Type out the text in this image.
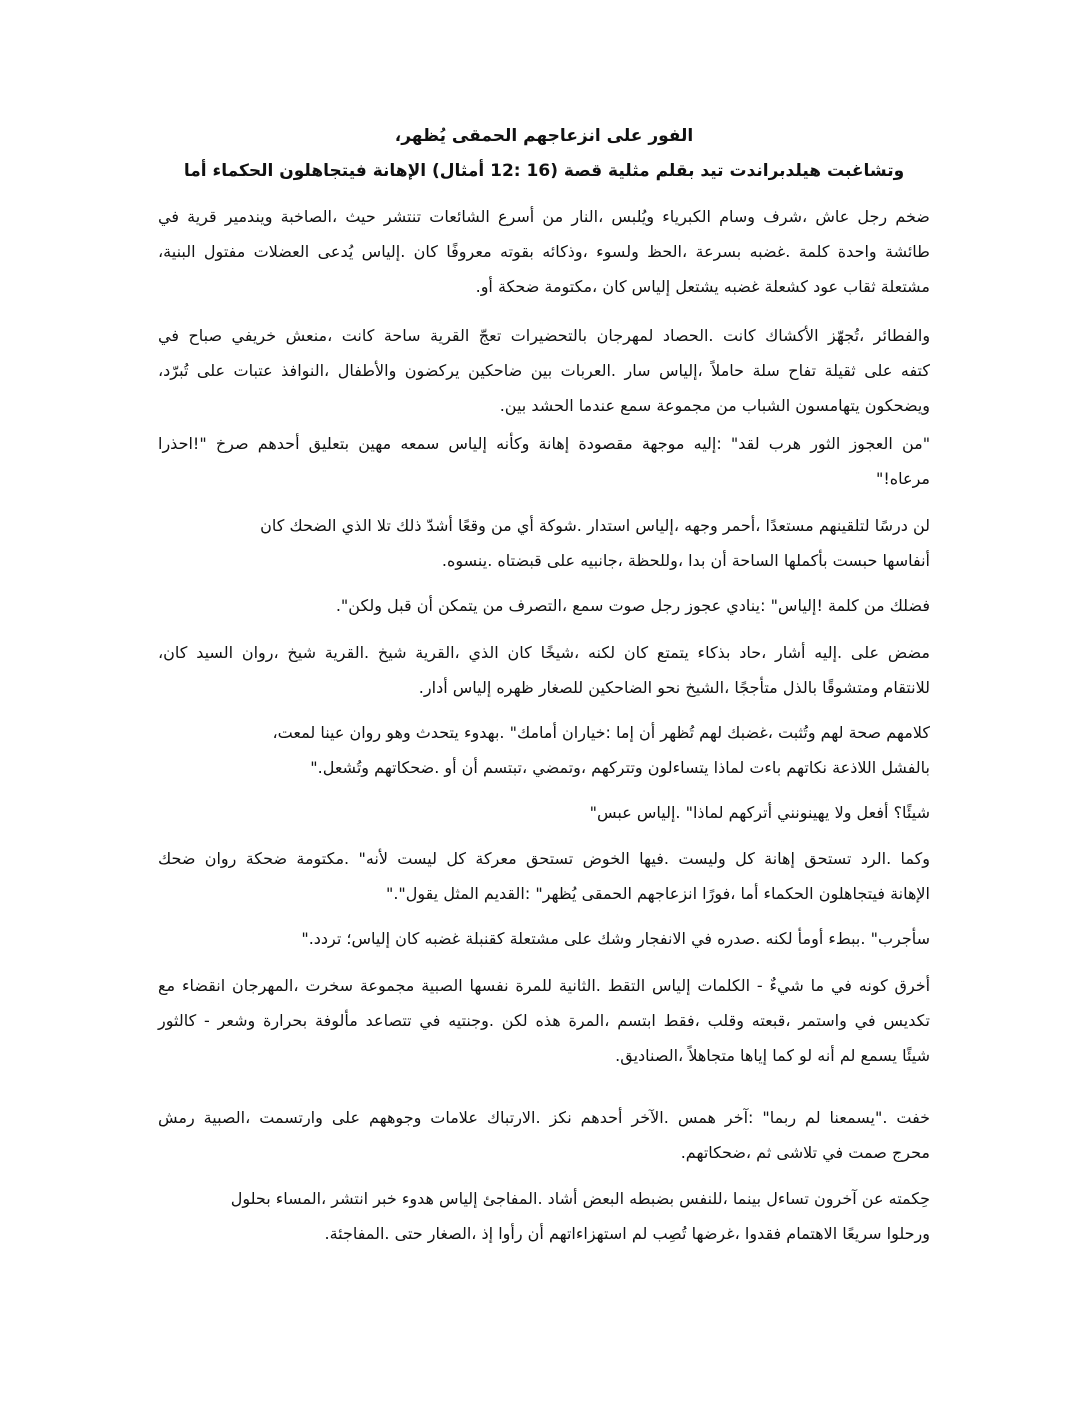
،يُظهر الحمقى انزعاجهم على الفور
أما الحكماء فيتجاهلون الإهانة (أمثال 12: 16) قصة مثلية بقلم تيد هيلدبراندت وتشاغبت
في قرية ويندمير الصاخبة، حيث تنتشر الشائعات أسرع من النار، ويُلبس الكبرياء وسام شرف، عاش رجل ضخم
،البنية مفتول العضلات يُدعى إلياس. كان معروفًا بقوته وذكائه، ولسوء الحظ، بسرعة غضبه. كلمة واحدة طائشة
.أو ضحكة مكتومة، كان إلياس يشتعل غضبه كشعلة عود ثقاب مشتعلة
في صباح خريفي منعش، كانت ساحة القرية تعجّ بالتحضيرات لمهرجان الحصاد. كانت الأكشاك تُجهّز، والفطائر
،تُبرّد على عتبات النوافذ، والأطفال يركضون ضاحكين بين العربات. سار إلياس، حاملاً سلة تفاح ثقيلة على كتفه
.بين الحشد عندما سمع مجموعة من الشباب يتهامسون ويضحكون
احذرا!" صرخ أحدهم بتعليق مهين سمعه إلياس وكأنه إهانة مقصودة موجهة إليه: "لقد هرب الثور العجوز من"
"!مرعاه
كان الضحك الذي تلا ذلك أشدّ وقعًا من أي شوكة. استدار إلياس، وجهه أحمر، مستعدًا لتلقينهم درسًا لن
.ينسوه. قبضتاه على جانبيه، وللحظة، بدا أن الساحة بأكملها حبست أنفاسها
."ولكن قبل أن يتمكن من التصرف، سمع صوت رجل عجوز ينادي: "إلياس! كلمة من فضلك
،كان السيد روان، شيخ القرية. شيخ القرية، الذي كان شيخًا، لكنه كان يتمتع بذكاء حاد، أشار إليه. على مضض
.أدار إلياس ظهره للصغار الضاحكين نحو الشيخ، متأججًا بالذل ومتشوقًا للانتقام
،لمعت عينا روان وهو يتحدث بهدوء. "أمامك خياران: إما أن تُظهر لهم غضبك، وتُثبت لهم صحة كلامهم
".وتُشعل ضحكاتهم. أو أن تبتسم، وتمضي، وتتركهم يتساءلون لماذا باءت نكاتهم اللاذعة بالفشل
"عبس إلياس. "لماذا أتركهم يهينونني ولا أفعل شيئًا؟
ضحك روان ضحكة مكتومة. "لأنه ليست كل معركة تستحق الخوض فيها. وليست كل إهانة تستحق الرد. وكما
"."يقول المثل القديم: "يُظهر الحمقى انزعاجهم فورًا، أما الحكماء فيتجاهلون الإهانة
".تردد إلياس؛ كان غضبه كقنبلة مشتعلة على وشك الانفجار في صدره. لكنه أومأ ببطء. "سأجرب
مع انقضاء المهرجان، سخرت مجموعة الصبية نفسها للمرة الثانية. التقط إلياس الكلمات - شيءٌ ما في كونه أخرق
كالثور - وشعر بحرارة مألوفة تتصاعد في وجنتيه. لكن هذه المرة، ابتسم فقط، وقلب قبعته، واستمر في تكديس
.الصناديق، متجاهلاً إياها كما لو أنه لم يسمع شيئًا
رمش الصبية، وارتسمت على وجوههم علامات الارتباك. نكز أحدهم الآخر. همس آخر: "ربما لم يسمعنا". خفت
.ضحكاتهم، ثم تلاشى في صمت محرج
بحلول المساء، انتشر خبر هدوء إلياس المفاجئ. أشاد البعض بضبطه للنفس، بينما تساءل آخرون عن حِكمته
.المفاجئة. حتى الصغار، إذ رأوا أن استهزاءاتهم لم تُصِب غرضها، فقدوا الاهتمام سريعًا ورحلوا
